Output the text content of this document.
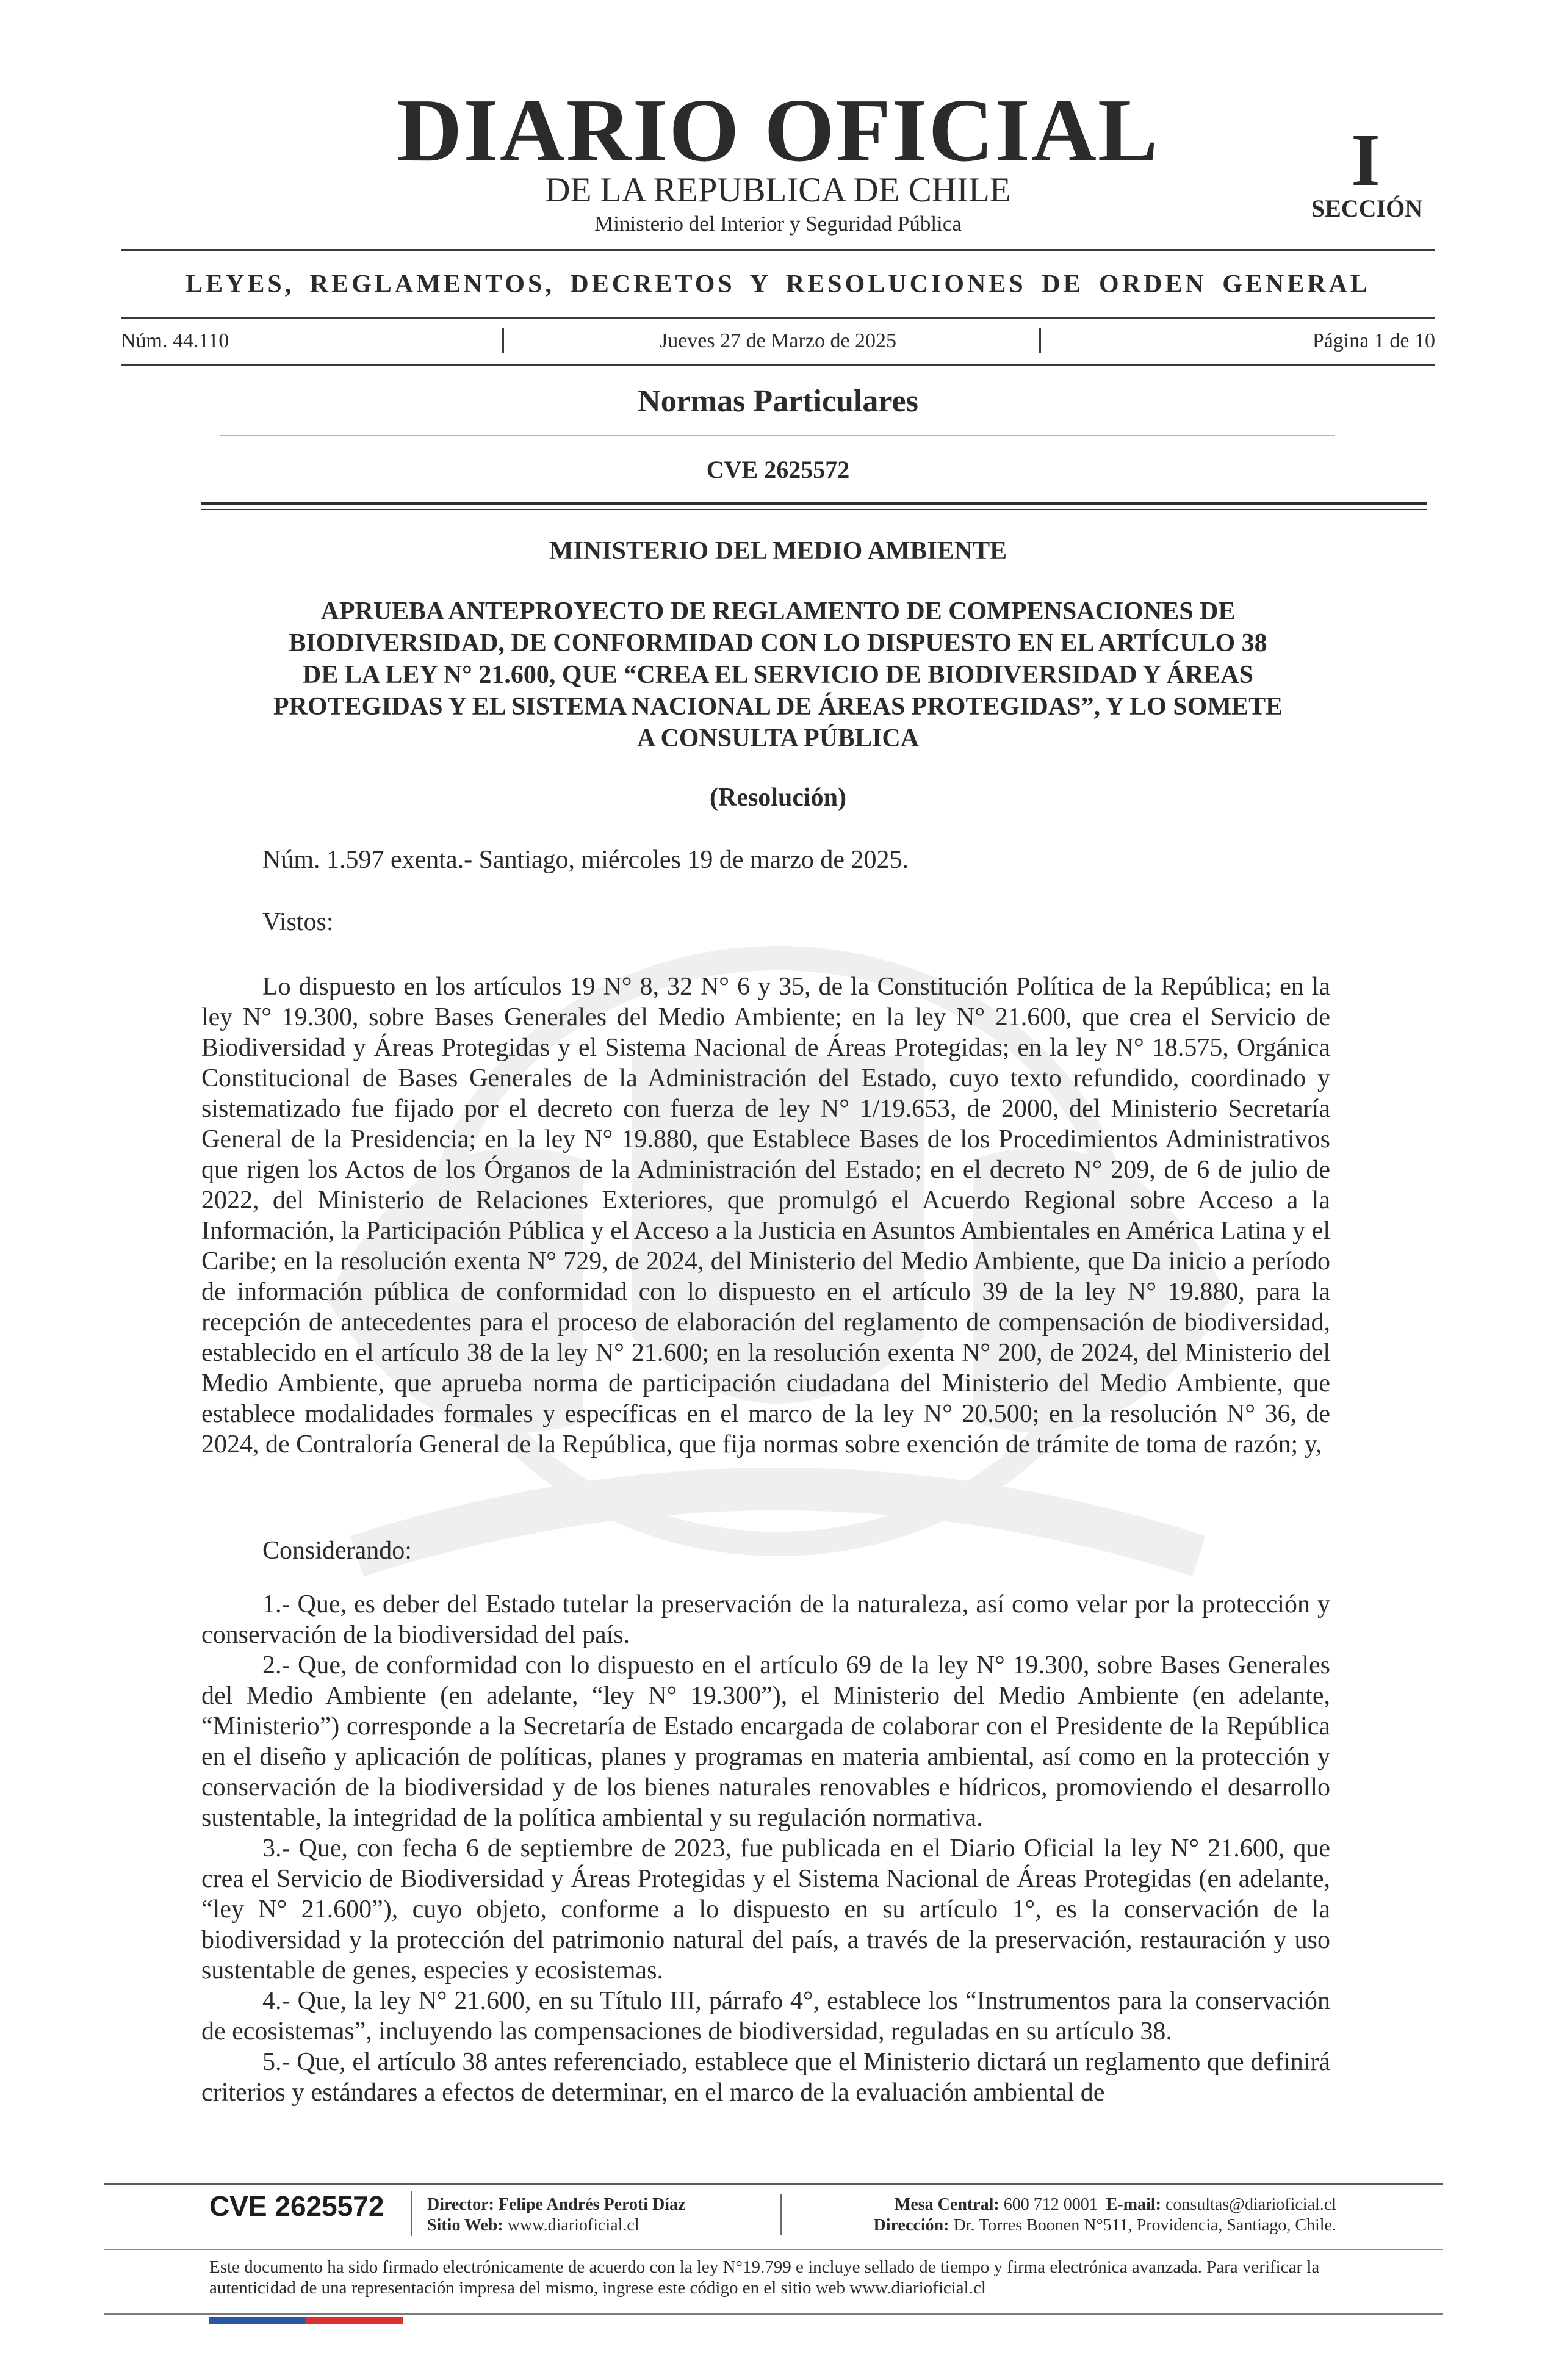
DIARIO OFICIAL
DE LA REPUBLICA DE CHILE
Ministerio del Interior y Seguridad Pública
I
SECCIÓN
LEYES, REGLAMENTOS, DECRETOS Y RESOLUCIONES DE ORDEN GENERAL
Núm. 44.110	Jueves 27 de Marzo de 2025	Página 1 de 10
Normas Particulares
CVE 2625572
MINISTERIO DEL MEDIO AMBIENTE
APRUEBA ANTEPROYECTO DE REGLAMENTO DE COMPENSACIONES DE
BIODIVERSIDAD, DE CONFORMIDAD CON LO DISPUESTO EN EL ARTÍCULO 38
DE LA LEY N° 21.600, QUE “CREA EL SERVICIO DE BIODIVERSIDAD Y ÁREAS
PROTEGIDAS Y EL SISTEMA NACIONAL DE ÁREAS PROTEGIDAS”, Y LO SOMETE
A CONSULTA PÚBLICA
(Resolución)

Núm. 1.597 exenta.- Santiago, miércoles 19 de marzo de 2025.

Vistos:

Lo dispuesto en los artículos 19 N° 8, 32 N° 6 y 35, de la Constitución Política de la República; en la ley N° 19.300, sobre Bases Generales del Medio Ambiente; en la ley N° 21.600, que crea el Servicio de Biodiversidad y Áreas Protegidas y el Sistema Nacional de Áreas Protegidas; en la ley N° 18.575, Orgánica Constitucional de Bases Generales de la Administración del Estado, cuyo texto refundido, coordinado y sistematizado fue fijado por el decreto con fuerza de ley N° 1/19.653, de 2000, del Ministerio Secretaría General de la Presidencia; en la ley N° 19.880, que Establece Bases de los Procedimientos Administrativos que rigen los Actos de los Órganos de la Administración del Estado; en el decreto N° 209, de 6 de julio de 2022, del Ministerio de Relaciones Exteriores, que promulgó el Acuerdo Regional sobre Acceso a la Información, la Participación Pública y el Acceso a la Justicia en Asuntos Ambientales en América Latina y el Caribe; en la resolución exenta N° 729, de 2024, del Ministerio del Medio Ambiente, que Da inicio a período de información pública de conformidad con lo dispuesto en el artículo 39 de la ley N° 19.880, para la recepción de antecedentes para el proceso de elaboración del reglamento de compensación de biodiversidad, establecido en el artículo 38 de la ley N° 21.600; en la resolución exenta N° 200, de 2024, del Ministerio del Medio Ambiente, que aprueba norma de participación ciudadana del Ministerio del Medio Ambiente, que establece modalidades formales y específicas en el marco de la ley N° 20.500; en la resolución N° 36, de 2024, de Contraloría General de la República, que fija normas sobre exención de trámite de toma de razón; y,

Considerando:

1.- Que, es deber del Estado tutelar la preservación de la naturaleza, así como velar por la protección y conservación de la biodiversidad del país.

2.- Que, de conformidad con lo dispuesto en el artículo 69 de la ley N° 19.300, sobre Bases Generales del Medio Ambiente (en adelante, “ley N° 19.300”), el Ministerio del Medio Ambiente (en adelante, “Ministerio”) corresponde a la Secretaría de Estado encargada de colaborar con el Presidente de la República en el diseño y aplicación de políticas, planes y programas en materia ambiental, así como en la protección y conservación de la biodiversidad y de los bienes naturales renovables e hídricos, promoviendo el desarrollo sustentable, la integridad de la política ambiental y su regulación normativa.

3.- Que, con fecha 6 de septiembre de 2023, fue publicada en el Diario Oficial la ley N° 21.600, que crea el Servicio de Biodiversidad y Áreas Protegidas y el Sistema Nacional de Áreas Protegidas (en adelante, “ley N° 21.600”), cuyo objeto, conforme a lo dispuesto en su artículo 1°, es la conservación de la biodiversidad y la protección del patrimonio natural del país, a través de la preservación, restauración y uso sustentable de genes, especies y ecosistemas.

4.- Que, la ley N° 21.600, en su Título III, párrafo 4°, establece los “Instrumentos para la conservación de ecosistemas”, incluyendo las compensaciones de biodiversidad, reguladas en su artículo 38.

5.- Que, el artículo 38 antes referenciado, establece que el Ministerio dictará un reglamento que definirá criterios y estándares a efectos de determinar, en el marco de la evaluación ambiental de

CVE 2625572	Director: Felipe Andrés Peroti Díaz
Sitio Web: www.diarioficial.cl
Mesa Central: 600 712 0001 E-mail: consultas@diarioficial.cl
Dirección: Dr. Torres Boonen N°511, Providencia, Santiago, Chile.
Este documento ha sido firmado electrónicamente de acuerdo con la ley N°19.799 e incluye sellado de tiempo y firma electrónica avanzada. Para verificar la autenticidad de una representación impresa del mismo, ingrese este código en el sitio web www.diarioficial.cl
